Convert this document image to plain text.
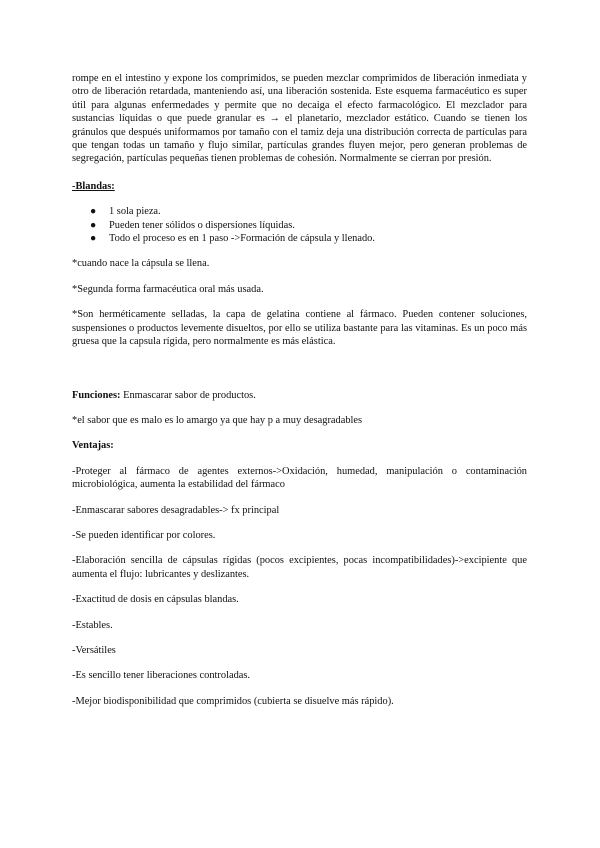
rompe en el intestino y expone los comprimidos, se pueden mezclar comprimidos de liberación inmediata y otro de liberación retardada, manteniendo así, una liberación sostenida. Este esquema farmacéutico es super útil para algunas enfermedades y permite que no decaiga el efecto farmacológico. El mezclador para sustancias líquidas o que puede granular es → el planetario, mezclador estático. Cuando se tienen los gránulos que después uniformamos por tamaño con el tamiz deja una distribución correcta de partículas para que tengan todas un tamaño y flujo similar, partículas grandes fluyen mejor, pero generan problemas de segregación, partículas pequeñas tienen problemas de cohesión. Normalmente se cierran por presión.

-Blandas:

● 1 sola pieza.
● Pueden tener sólidos o dispersiones líquidas.
● Todo el proceso es en 1 paso ->Formación de cápsula y llenado.

*cuando nace la cápsula se llena.

*Segunda forma farmacéutica oral más usada.

*Son herméticamente selladas, la capa de gelatina contiene al fármaco. Pueden contener soluciones, suspensiones o productos levemente disueltos, por ello se utiliza bastante para las vitaminas. Es un poco más gruesa que la capsula rígida, pero normalmente es más elástica.

Funciones: Enmascarar sabor de productos.

*el sabor que es malo es lo amargo ya que hay p a muy desagradables

Ventajas:

-Proteger al fármaco de agentes externos->Oxidación, humedad, manipulación o contaminación microbiológica, aumenta la estabilidad del fármaco

-Enmascarar sabores desagradables-> fx principal

-Se pueden identificar por colores.

-Elaboración sencilla de cápsulas rígidas (pocos excipientes, pocas incompatibilidades)->excipiente que aumenta el flujo: lubricantes y deslizantes.

-Exactitud de dosis en cápsulas blandas.

-Estables.

-Versátiles

-Es sencillo tener liberaciones controladas.

-Mejor biodisponibilidad que comprimidos (cubierta se disuelve más rápido).
